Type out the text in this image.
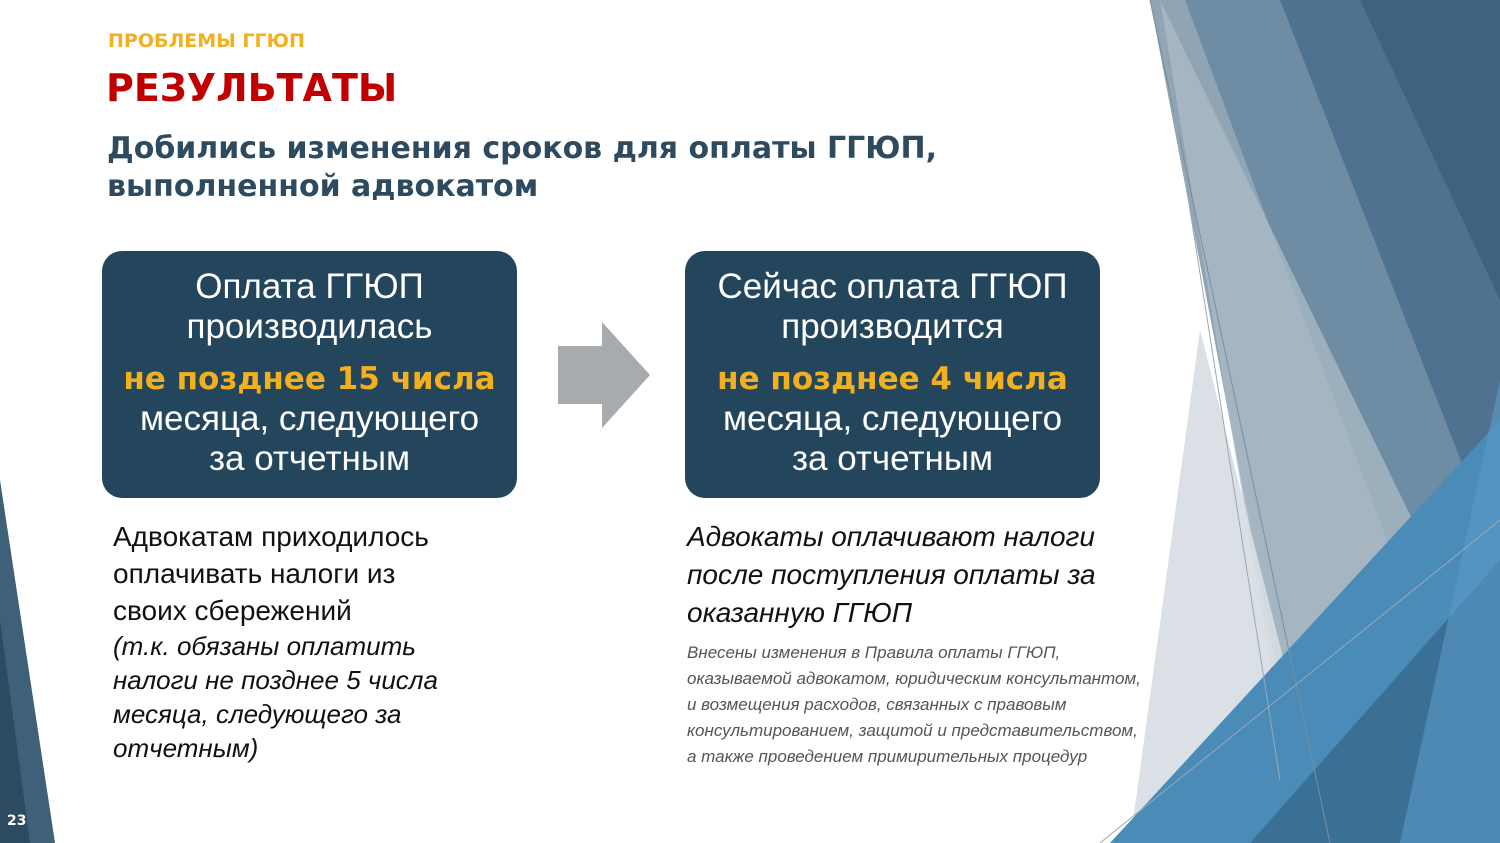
ПРОБЛЕМЫ ГГЮП
РЕЗУЛЬТАТЫ
Добились изменения сроков для оплаты ГГЮП,
выполненной адвокатом
Оплата ГГЮП
производилась
не позднее 15 числа
месяца, следующего
за отчетным
Сейчас оплата ГГЮП
производится
не позднее 4 числа
месяца, следующего
за отчетным
Адвокатам приходилось
оплачивать налоги из
своих сбережений
(т.к. обязаны оплатить
налоги не позднее 5 числа
месяца, следующего за
отчетным)
Адвокаты оплачивают налоги
после поступления оплаты за
оказанную ГГЮП
Внесены изменения в Правила оплаты ГГЮП,
оказываемой адвокатом, юридическим консультантом,
и возмещения расходов, связанных с правовым
консультированием, защитой и представительством,
а также проведением примирительных процедур
23
